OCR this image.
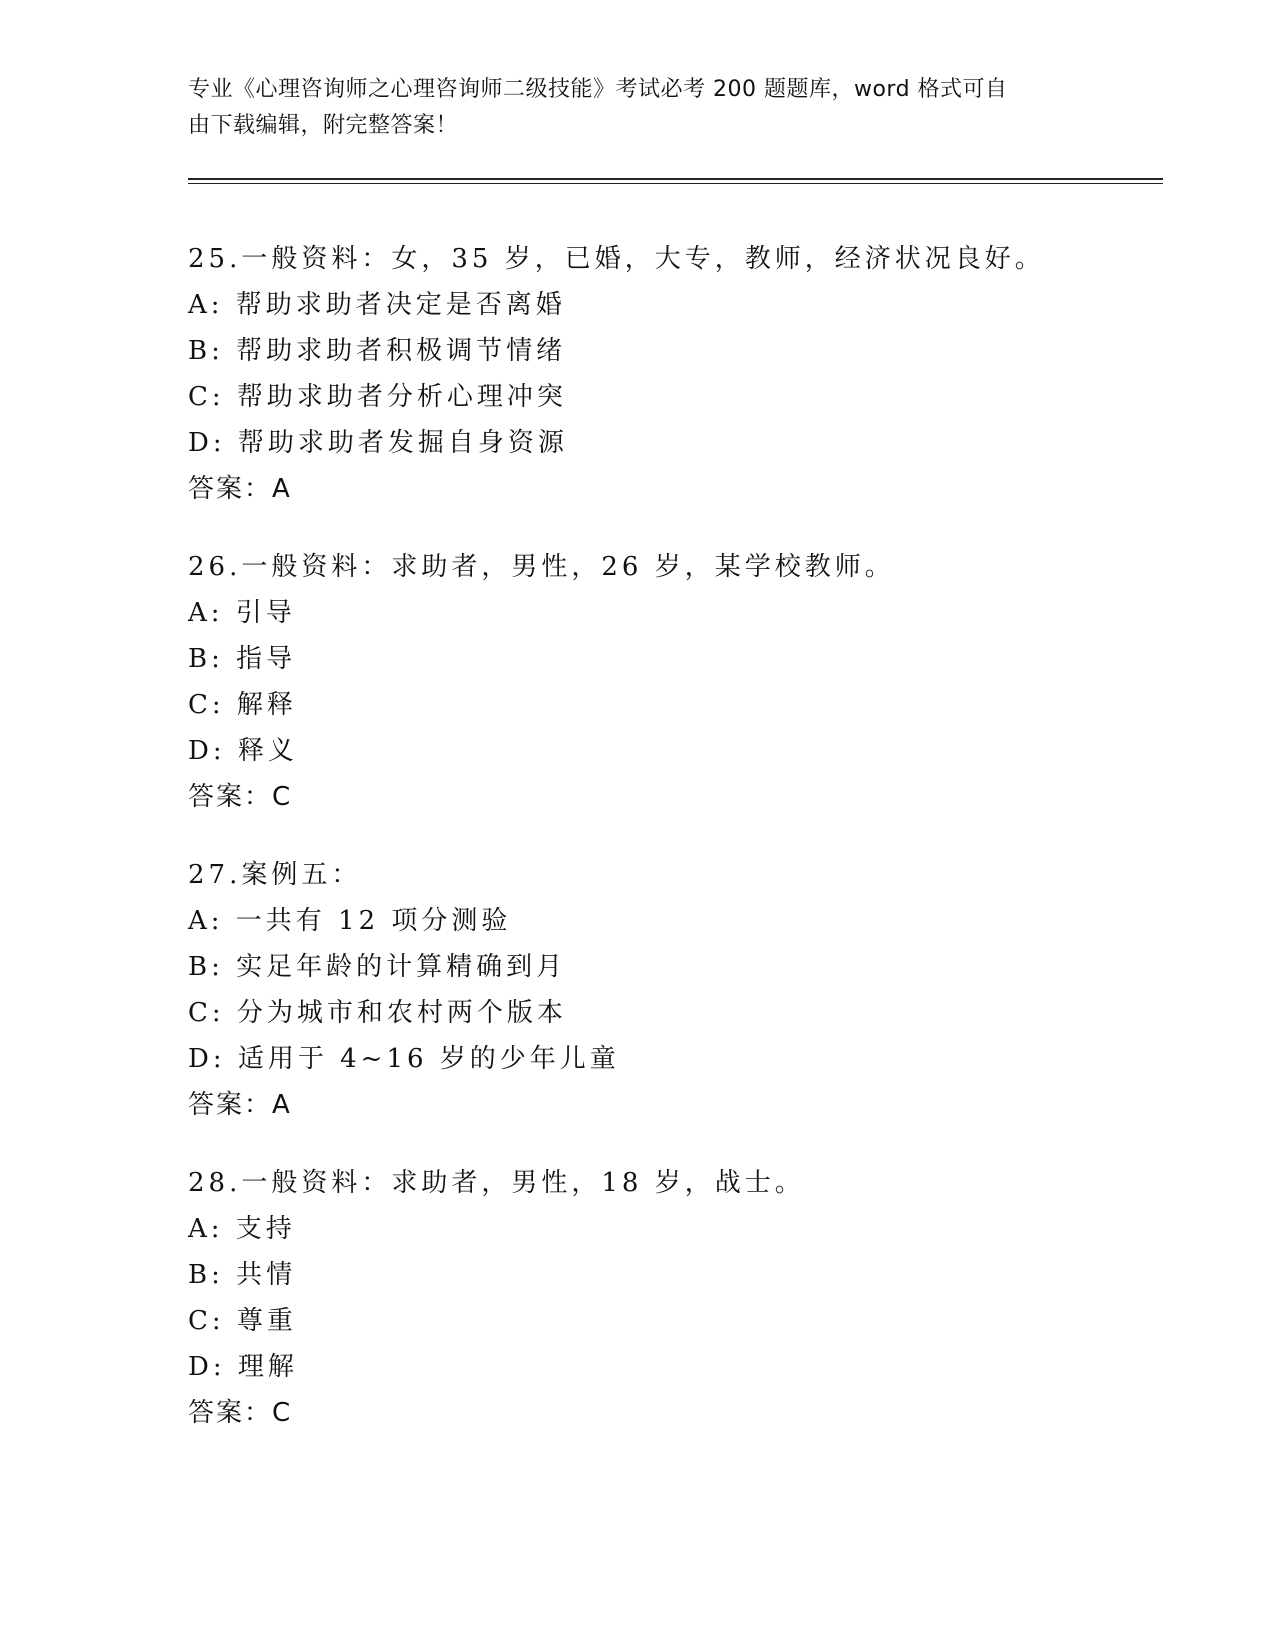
专业《心理咨询师之心理咨询师二级技能》考试必考 200 题题库，word 格式可自
由下载编辑，附完整答案！
25.一般资料：女，35 岁，已婚，大专，教师，经济状况良好。
A: 帮助求助者决定是否离婚
B: 帮助求助者积极调节情绪
C: 帮助求助者分析心理冲突
D: 帮助求助者发掘自身资源
答案：A
26.一般资料：求助者，男性，26 岁，某学校教师。
A: 引导
B: 指导
C: 解释
D: 释义
答案：C
27.案例五：
A: 一共有 12 项分测验
B: 实足年龄的计算精确到月
C: 分为城市和农村两个版本
D: 适用于 4~16 岁的少年儿童
答案：A
28.一般资料：求助者，男性，18 岁，战士。
A: 支持
B: 共情
C: 尊重
D: 理解
答案：C
